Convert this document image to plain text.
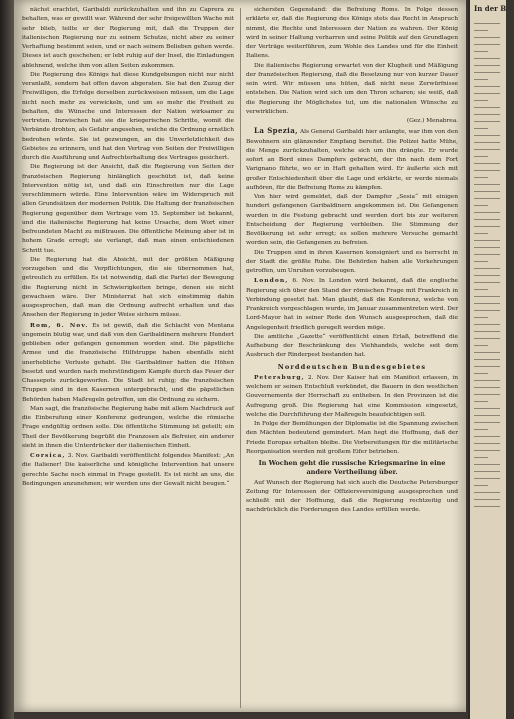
nächst erachtet, Garibaldi zurückzuhalten und ihn zu Caprera zu behalten, was er gewillt war. Während der sehr freigewillten Wache mit sehr blieb, teilte er der Regierung mit, daß die Truppen der italienischen Regierung nur zu seinem Schutze, nicht aber zu seiner Verhaftung bestimmt seien, und er nach seinem Belieben gehen werde. Dieses ist auch geschehen; er lebt ruhig auf der Insel, die Einladungen ablehnend, welche ihm von allen Seiten zukommen.

Die Regierung des Königs hat diese Kundgebungen nicht nur nicht veranlaßt, sondern hat offen davon abgeraten. Sie hat den Zuzug der Freiwilligen, die Erfolge derselben zurückweisen müssen, um die Lage nicht noch mehr zu verwickeln, und um so mehr die Freiheit zu behalten, die Wünsche und Interessen der Nation wirksamer zu vertreten. Inzwischen hat sie die kriegerischen Schritte, womit die Verbände drohten, als Gefahr angesehen, welche die Ordnung ernstlich bedrohen würde. Sie ist gezwungen, an die Unverletzlichkeit des Gebietes zu erinnern, und hat den Vertrag von Seiten der Freiwilligen durch die Ausführung und Aufrechterhaltung des Vertrages gesichert.

Die Regierung ist der Ansicht, daß die Regierung von Seiten der französischen Regierung hinlänglich geschützt ist, daß keine Intervention nötig ist, und daß ein Einschreiten nur die Lage verschlimmern würde. Eine Intervention wäre im Widerspruch mit allen Grundsätzen der modernen Politik. Die Haltung der französischen Regierung gegenüber dem Vertrage vom 15. September ist bekannt, und die italienische Regierung hat keine Ursache, dem Wort einer befreundeten Macht zu mißtrauen. Die öffentliche Meinung aber ist in hohem Grade erregt; sie verlangt, daß man einen entschiedenen Schritt tue.

Die Regierung hat die Absicht, mit der größten Mäßigung vorzugehen und die Verpflichtungen, die sie übernommen hat, getreulich zu erfüllen. Es ist notwendig, daß die Partei der Bewegung die Regierung nicht in Schwierigkeiten bringe, denen sie nicht gewachsen wäre. Der Ministerrat hat sich einstimmig dahin ausgesprochen, daß man die Ordnung aufrecht erhalten und das Ansehen der Regierung in jeder Weise sichern müsse.

Rom, 6. Nov. Es ist gewiß, daß die Schlacht von Mentana ungemein blutig war, und daß von den Garibaldinern mehrere Hundert geblieben oder gefangen genommen worden sind. Die päpstliche Armee und die französische Hilfstruppe haben ebenfalls nicht unerhebliche Verluste gehabt. Die Garibaldiner hatten die Höhen besetzt und wurden nach mehrstündigem Kampfe durch das Feuer der Chassepots zurückgeworfen. Die Stadt ist ruhig; die französischen Truppen sind in den Kasernen untergebracht, und die päpstlichen Behörden haben Maßregeln getroffen, um die Ordnung zu sichern.

Man sagt, die französische Regierung habe mit allem Nachdruck auf die Einberufung einer Konferenz gedrungen, welche die römische Frage endgültig ordnen solle. Die öffentliche Stimmung ist geteilt; ein Theil der Bevölkerung begrüßt die Franzosen als Befreier, ein anderer sieht in ihnen die Unterdrücker der italienischen Einheit.

Corsica, 3. Nov. Garibaldi veröffentlicht folgendes Manifest: „An die Italiener! Die kaiserliche und königliche Intervention hat unsere gerechte Sache noch einmal in Frage gestellt. Es ist nicht an uns, die Bedingungen anzunehmen; wir werden uns der Gewalt nicht beugen.“

sichersten Gegenstand: die Befreiung Roms. In Folge dessen erklärte er, daß die Regierung des Königs stets das Recht in Anspruch nimmt, die Rechte und Interessen der Nation zu wahren. Der König wird in seiner Haltung verharren und seine Politik auf den Grundlagen der Verträge weiterführen, zum Wohle des Landes und für die Einheit Italiens.

Die italienische Regierung erwartet von der Klugheit und Mäßigung der französischen Regierung, daß die Besetzung nur von kurzer Dauer sein wird. Wir müssen uns hüten, daß nicht neue Zerwürfnisse entstehen. Die Nation wird sich um den Thron scharen; sie weiß, daß die Regierung ihr Möglichstes tut, um die nationalen Wünsche zu verwirklichen.

(Gez.) Menabrea.

La Spezia, Als General Garibaldi hier anlangte, war ihm von den Bewohnern ein glänzender Empfang bereitet. Die Polizei hatte Mühe, die Menge zurückzuhalten, welche sich um ihn drängte. Er wurde sofort an Bord eines Dampfers gebracht, der ihn nach dem Fort Varignano führte, wo er in Haft gehalten wird. Er äußerte sich mit großer Entschiedenheit über die Lage und erklärte, er werde niemals aufhören, für die Befreiung Roms zu kämpfen.

Von hier wird gemeldet, daß der Dampfer „Sesia“ mit einigen hundert gefangenen Garibaldinern angekommen ist. Die Gefangenen wurden in die Festung gebracht und werden dort bis zur weiteren Entscheidung der Regierung verbleiben. Die Stimmung der Bevölkerung ist sehr erregt; es sollen mehrere Versuche gemacht worden sein, die Gefangenen zu befreien.

Die Truppen sind in ihren Kasernen konsigniert und es herrscht in der Stadt die größte Ruhe. Die Behörden haben alle Vorkehrungen getroffen, um Unruhen vorzubeugen.

London, 6. Nov. In London wird bekannt, daß die englische Regierung sich über den Stand der römischen Frage mit Frankreich in Verbindung gesetzt hat. Man glaubt, daß die Konferenz, welche von Frankreich vorgeschlagen wurde, im Januar zusammentreten wird. Der Lord-Mayor hat in seiner Rede den Wunsch ausgesprochen, daß die Angelegenheit friedlich geregelt werden möge.

Die amtliche „Gazette“ veröffentlicht einen Erlaß, betreffend die Aufhebung der Beschränkung des Viehhandels, welche seit dem Ausbruch der Rinderpest bestanden hat.

Norddeutschen Bundesgebietes

Petersburg, 2. Nov. Der Kaiser hat ein Manifest erlassen, in welchem er seinen Entschluß verkündet, die Bauern in den westlichen Gouvernements der Herrschaft zu entheben. In den Provinzen ist die Aufregung groß. Die Regierung hat eine Kommission eingesetzt, welche die Durchführung der Maßregeln beaufsichtigen soll.

In Folge der Bemühungen der Diplomatie ist die Spannung zwischen den Mächten bedeutend gemindert. Man hegt die Hoffnung, daß der Friede Europas erhalten bleibe. Die Vorbereitungen für die militärische Reorganisation werden mit großem Eifer betrieben.

In Wochen geht die russische Kriegsmarine in eine andere Vertheilung über.

Auf Wunsch der Regierung hat sich auch die Deutsche Petersburger Zeitung für Interessen der Offiziersvereinigung ausgesprochen und schließt mit der Hoffnung, daß die Regierung rechtzeitig und nachdrücklich die Forderungen des Landes erfüllen werde.

In der B.
